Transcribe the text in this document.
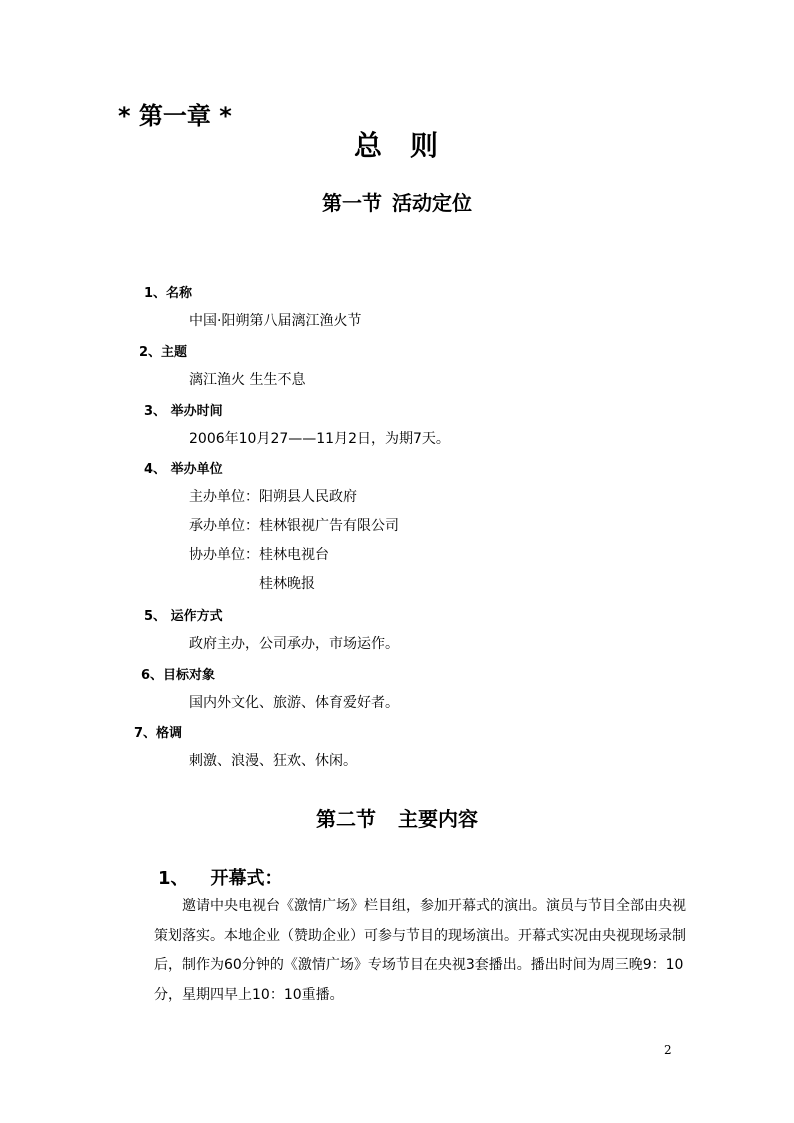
* 第一章 *
总 则
第一节 活动定位
1、名称
中国·阳朔第八届漓江渔火节
2、主题
漓江渔火 生生不息
3、 举办时间
2006年10月27——11月2日，为期7天。
4、 举办单位
主办单位：阳朔县人民政府
承办单位：桂林银视广告有限公司
协办单位：桂林电视台
桂林晚报
5、 运作方式
政府主办，公司承办，市场运作。
6、目标对象
国内外文化、旅游、体育爱好者。
7、格调
刺激、浪漫、狂欢、休闲。
第二节 主要内容
1、 开幕式：
邀请中央电视台《激情广场》栏目组，参加开幕式的演出。演员与节目全部由央视策划落实。本地企业（赞助企业）可参与节目的现场演出。开幕式实况由央视现场录制后，制作为60分钟的《激情广场》专场节目在央视3套播出。播出时间为周三晚9：10分，星期四早上10：10重播。
2
